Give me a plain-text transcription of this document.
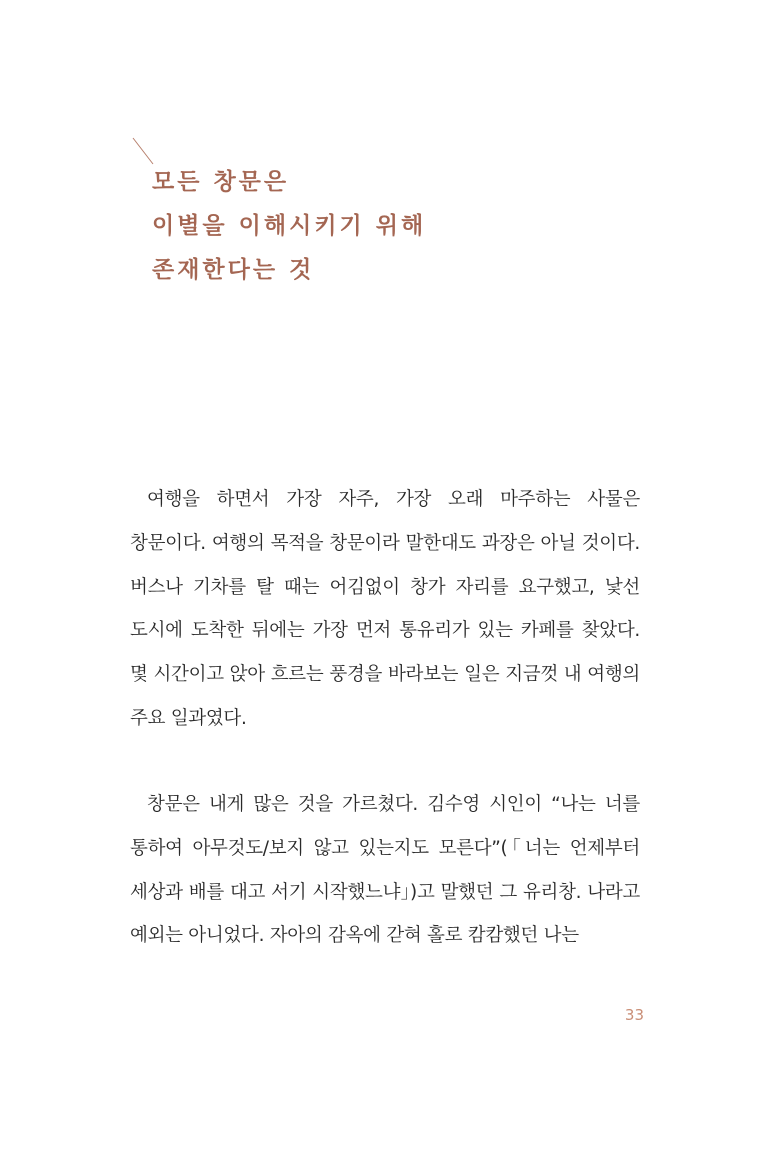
모든 창문은
이별을 이해시키기 위해
존재한다는 것

여행을 하면서 가장 자주, 가장 오래 마주하는 사물은 창문이다. 여행의 목적을 창문이라 말한대도 과장은 아닐 것이다. 버스나 기차를 탈 때는 어김없이 창가 자리를 요구했고, 낯선 도시에 도착한 뒤에는 가장 먼저 통유리가 있는 카페를 찾았다. 몇 시간이고 앉아 흐르는 풍경을 바라보는 일은 지금껏 내 여행의 주요 일과였다.

창문은 내게 많은 것을 가르쳤다. 김수영 시인이 “나는 너를 통하여 아무것도/보지 않고 있는지도 모른다”(「너는 언제부터 세상과 배를 대고 서기 시작했느냐」)고 말했던 그 유리창. 나라고 예외는 아니었다. 자아의 감옥에 갇혀 홀로 캄캄했던 나는

33
